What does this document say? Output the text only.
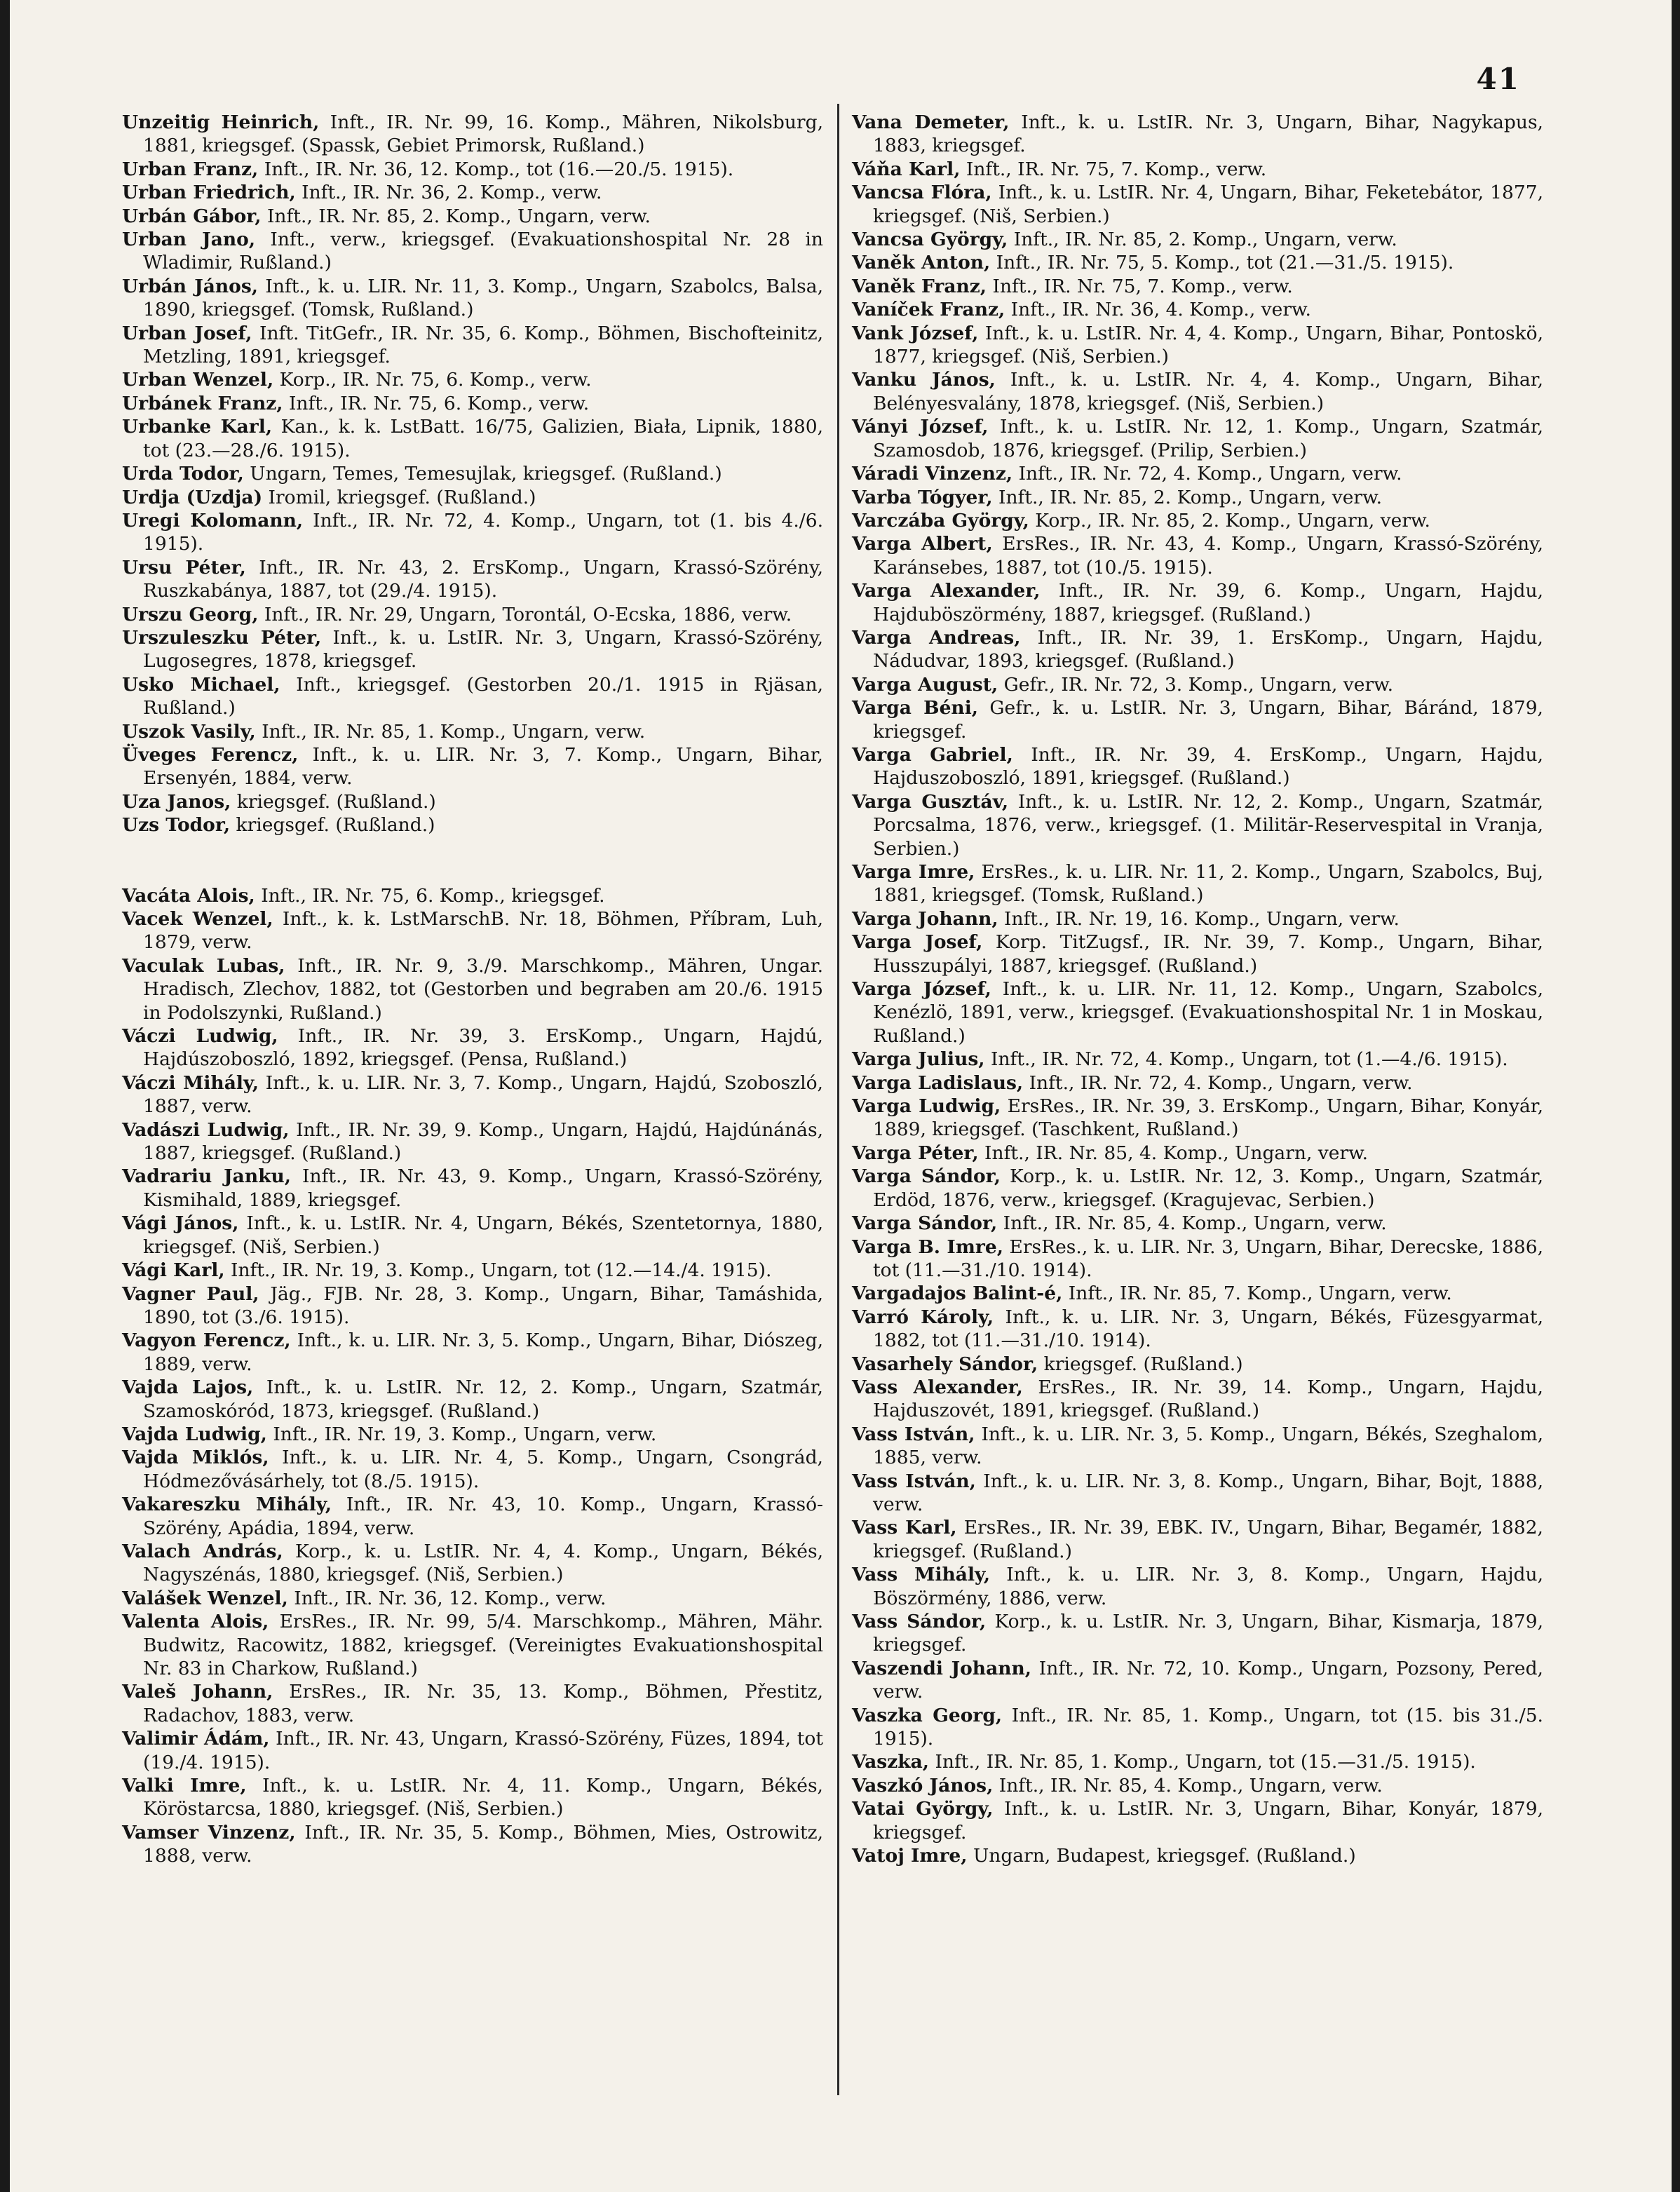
41

Unzeitig Heinrich, Inft., IR. Nr. 99, 16. Komp., Mähren, Nikolsburg, 1881, kriegsgef. (Spassk, Gebiet Primorsk, Rußland.)

Urban Franz, Inft., IR. Nr. 36, 12. Komp., tot (16.—20./5. 1915).

Urban Friedrich, Inft., IR. Nr. 36, 2. Komp., verw.

Urbán Gábor, Inft., IR. Nr. 85, 2. Komp., Ungarn, verw.

Urban Jano, Inft., verw., kriegsgef. (Evakuationshospital Nr. 28 in Wladimir, Rußland.)

Urbán János, Inft., k. u. LIR. Nr. 11, 3. Komp., Ungarn, Szabolcs, Balsa, 1890, kriegsgef. (Tomsk, Rußland.)

Urban Josef, Inft. TitGefr., IR. Nr. 35, 6. Komp., Böhmen, Bischofteinitz, Metzling, 1891, kriegsgef.

Urban Wenzel, Korp., IR. Nr. 75, 6. Komp., verw.

Urbánek Franz, Inft., IR. Nr. 75, 6. Komp., verw.

Urbanke Karl, Kan., k. k. LstBatt. 16/75, Galizien, Biała, Lipnik, 1880, tot (23.—28./6. 1915).

Urda Todor, Ungarn, Temes, Temesujlak, kriegsgef. (Rußland.)

Urdja (Uzdja) Iromil, kriegsgef. (Rußland.)

Uregi Kolomann, Inft., IR. Nr. 72, 4. Komp., Ungarn, tot (1. bis 4./6. 1915).

Ursu Péter, Inft., IR. Nr. 43, 2. ErsKomp., Ungarn, Krassó-Szörény, Ruszkabánya, 1887, tot (29./4. 1915).

Urszu Georg, Inft., IR. Nr. 29, Ungarn, Torontál, O-Ecska, 1886, verw.

Urszuleszku Péter, Inft., k. u. LstIR. Nr. 3, Ungarn, Krassó-Szörény, Lugosegres, 1878, kriegsgef.

Usko Michael, Inft., kriegsgef. (Gestorben 20./1. 1915 in Rjäsan, Rußland.)

Uszok Vasily, Inft., IR. Nr. 85, 1. Komp., Ungarn, verw.

Üveges Ferencz, Inft., k. u. LIR. Nr. 3, 7. Komp., Ungarn, Bihar, Ersenyén, 1884, verw.

Uza Janos, kriegsgef. (Rußland.)

Uzs Todor, kriegsgef. (Rußland.)

Vacáta Alois, Inft., IR. Nr. 75, 6. Komp., kriegsgef.

Vacek Wenzel, Inft., k. k. LstMarschB. Nr. 18, Böhmen, Příbram, Luh, 1879, verw.

Vaculak Lubas, Inft., IR. Nr. 9, 3./9. Marschkomp., Mähren, Ungar. Hradisch, Zlechov, 1882, tot (Gestorben und begraben am 20./6. 1915 in Podolszynki, Rußland.)

Váczi Ludwig, Inft., IR. Nr. 39, 3. ErsKomp., Ungarn, Hajdú, Hajdúszoboszló, 1892, kriegsgef. (Pensa, Rußland.)

Váczi Mihály, Inft., k. u. LIR. Nr. 3, 7. Komp., Ungarn, Hajdú, Szoboszló, 1887, verw.

Vadászi Ludwig, Inft., IR. Nr. 39, 9. Komp., Ungarn, Hajdú, Hajdúnánás, 1887, kriegsgef. (Rußland.)

Vadrariu Janku, Inft., IR. Nr. 43, 9. Komp., Ungarn, Krassó-Szörény, Kismihald, 1889, kriegsgef.

Vági János, Inft., k. u. LstIR. Nr. 4, Ungarn, Békés, Szentetornya, 1880, kriegsgef. (Niš, Serbien.)

Vági Karl, Inft., IR. Nr. 19, 3. Komp., Ungarn, tot (12.—14./4. 1915).

Vagner Paul, Jäg., FJB. Nr. 28, 3. Komp., Ungarn, Bihar, Tamáshida, 1890, tot (3./6. 1915).

Vagyon Ferencz, Inft., k. u. LIR. Nr. 3, 5. Komp., Ungarn, Bihar, Diószeg, 1889, verw.

Vajda Lajos, Inft., k. u. LstIR. Nr. 12, 2. Komp., Ungarn, Szatmár, Szamoskóród, 1873, kriegsgef. (Rußland.)

Vajda Ludwig, Inft., IR. Nr. 19, 3. Komp., Ungarn, verw.

Vajda Miklós, Inft., k. u. LIR. Nr. 4, 5. Komp., Ungarn, Csongrád, Hódmezővásárhely, tot (8./5. 1915).

Vakareszku Mihály, Inft., IR. Nr. 43, 10. Komp., Ungarn, Krassó-Szörény, Apádia, 1894, verw.

Valach András, Korp., k. u. LstIR. Nr. 4, 4. Komp., Ungarn, Békés, Nagyszénás, 1880, kriegsgef. (Niš, Serbien.)

Valášek Wenzel, Inft., IR. Nr. 36, 12. Komp., verw.

Valenta Alois, ErsRes., IR. Nr. 99, 5/4. Marschkomp., Mähren, Mähr. Budwitz, Racowitz, 1882, kriegsgef. (Vereinigtes Evakuationshospital Nr. 83 in Charkow, Rußland.)

Valeš Johann, ErsRes., IR. Nr. 35, 13. Komp., Böhmen, Přestitz, Radachov, 1883, verw.

Valimir Ádám, Inft., IR. Nr. 43, Ungarn, Krassó-Szörény, Füzes, 1894, tot (19./4. 1915).

Valki Imre, Inft., k. u. LstIR. Nr. 4, 11. Komp., Ungarn, Békés, Köröstarcsa, 1880, kriegsgef. (Niš, Serbien.)

Vamser Vinzenz, Inft., IR. Nr. 35, 5. Komp., Böhmen, Mies, Ostrowitz, 1888, verw.

Vana Demeter, Inft., k. u. LstIR. Nr. 3, Ungarn, Bihar, Nagykapus, 1883, kriegsgef.

Váňa Karl, Inft., IR. Nr. 75, 7. Komp., verw.

Vancsa Flóra, Inft., k. u. LstIR. Nr. 4, Ungarn, Bihar, Feketebátor, 1877, kriegsgef. (Niš, Serbien.)

Vancsa György, Inft., IR. Nr. 85, 2. Komp., Ungarn, verw.

Vaněk Anton, Inft., IR. Nr. 75, 5. Komp., tot (21.—31./5. 1915).

Vaněk Franz, Inft., IR. Nr. 75, 7. Komp., verw.

Vaníček Franz, Inft., IR. Nr. 36, 4. Komp., verw.

Vank József, Inft., k. u. LstIR. Nr. 4, 4. Komp., Ungarn, Bihar, Pontoskö, 1877, kriegsgef. (Niš, Serbien.)

Vanku János, Inft., k. u. LstIR. Nr. 4, 4. Komp., Ungarn, Bihar, Belényesvalány, 1878, kriegsgef. (Niš, Serbien.)

Ványi József, Inft., k. u. LstIR. Nr. 12, 1. Komp., Ungarn, Szatmár, Szamosdob, 1876, kriegsgef. (Prilip, Serbien.)

Váradi Vinzenz, Inft., IR. Nr. 72, 4. Komp., Ungarn, verw.

Varba Tógyer, Inft., IR. Nr. 85, 2. Komp., Ungarn, verw.

Varczába György, Korp., IR. Nr. 85, 2. Komp., Ungarn, verw.

Varga Albert, ErsRes., IR. Nr. 43, 4. Komp., Ungarn, Krassó-Szörény, Karánsebes, 1887, tot (10./5. 1915).

Varga Alexander, Inft., IR. Nr. 39, 6. Komp., Ungarn, Hajdu, Hajduböszörmény, 1887, kriegsgef. (Rußland.)

Varga Andreas, Inft., IR. Nr. 39, 1. ErsKomp., Ungarn, Hajdu, Nádudvar, 1893, kriegsgef. (Rußland.)

Varga August, Gefr., IR. Nr. 72, 3. Komp., Ungarn, verw.

Varga Béni, Gefr., k. u. LstIR. Nr. 3, Ungarn, Bihar, Báránd, 1879, kriegsgef.

Varga Gabriel, Inft., IR. Nr. 39, 4. ErsKomp., Ungarn, Hajdu, Hajduszoboszló, 1891, kriegsgef. (Rußland.)

Varga Gusztáv, Inft., k. u. LstIR. Nr. 12, 2. Komp., Ungarn, Szatmár, Porcsalma, 1876, verw., kriegsgef. (1. Militär-Reservespital in Vranja, Serbien.)

Varga Imre, ErsRes., k. u. LIR. Nr. 11, 2. Komp., Ungarn, Szabolcs, Buj, 1881, kriegsgef. (Tomsk, Rußland.)

Varga Johann, Inft., IR. Nr. 19, 16. Komp., Ungarn, verw.

Varga Josef, Korp. TitZugsf., IR. Nr. 39, 7. Komp., Ungarn, Bihar, Husszupályi, 1887, kriegsgef. (Rußland.)

Varga József, Inft., k. u. LIR. Nr. 11, 12. Komp., Ungarn, Szabolcs, Kenézlö, 1891, verw., kriegsgef. (Evakuationshospital Nr. 1 in Moskau, Rußland.)

Varga Julius, Inft., IR. Nr. 72, 4. Komp., Ungarn, tot (1.—4./6. 1915).

Varga Ladislaus, Inft., IR. Nr. 72, 4. Komp., Ungarn, verw.

Varga Ludwig, ErsRes., IR. Nr. 39, 3. ErsKomp., Ungarn, Bihar, Konyár, 1889, kriegsgef. (Taschkent, Rußland.)

Varga Péter, Inft., IR. Nr. 85, 4. Komp., Ungarn, verw.

Varga Sándor, Korp., k. u. LstIR. Nr. 12, 3. Komp., Ungarn, Szatmár, Erdöd, 1876, verw., kriegsgef. (Kragujevac, Serbien.)

Varga Sándor, Inft., IR. Nr. 85, 4. Komp., Ungarn, verw.

Varga B. Imre, ErsRes., k. u. LIR. Nr. 3, Ungarn, Bihar, Derecske, 1886, tot (11.—31./10. 1914).

Vargadajos Balint-é, Inft., IR. Nr. 85, 7. Komp., Ungarn, verw.

Varró Károly, Inft., k. u. LIR. Nr. 3, Ungarn, Békés, Füzesgyarmat, 1882, tot (11.—31./10. 1914).

Vasarhely Sándor, kriegsgef. (Rußland.)

Vass Alexander, ErsRes., IR. Nr. 39, 14. Komp., Ungarn, Hajdu, Hajduszovét, 1891, kriegsgef. (Rußland.)

Vass István, Inft., k. u. LIR. Nr. 3, 5. Komp., Ungarn, Békés, Szeghalom, 1885, verw.

Vass István, Inft., k. u. LIR. Nr. 3, 8. Komp., Ungarn, Bihar, Bojt, 1888, verw.

Vass Karl, ErsRes., IR. Nr. 39, EBK. IV., Ungarn, Bihar, Begamér, 1882, kriegsgef. (Rußland.)

Vass Mihály, Inft., k. u. LIR. Nr. 3, 8. Komp., Ungarn, Hajdu, Böszörmény, 1886, verw.

Vass Sándor, Korp., k. u. LstIR. Nr. 3, Ungarn, Bihar, Kismarja, 1879, kriegsgef.

Vaszendi Johann, Inft., IR. Nr. 72, 10. Komp., Ungarn, Pozsony, Pered, verw.

Vaszka Georg, Inft., IR. Nr. 85, 1. Komp., Ungarn, tot (15. bis 31./5. 1915).

Vaszka, Inft., IR. Nr. 85, 1. Komp., Ungarn, tot (15.—31./5. 1915).

Vaszkó János, Inft., IR. Nr. 85, 4. Komp., Ungarn, verw.

Vatai György, Inft., k. u. LstIR. Nr. 3, Ungarn, Bihar, Konyár, 1879, kriegsgef.

Vatoj Imre, Ungarn, Budapest, kriegsgef. (Rußland.)
